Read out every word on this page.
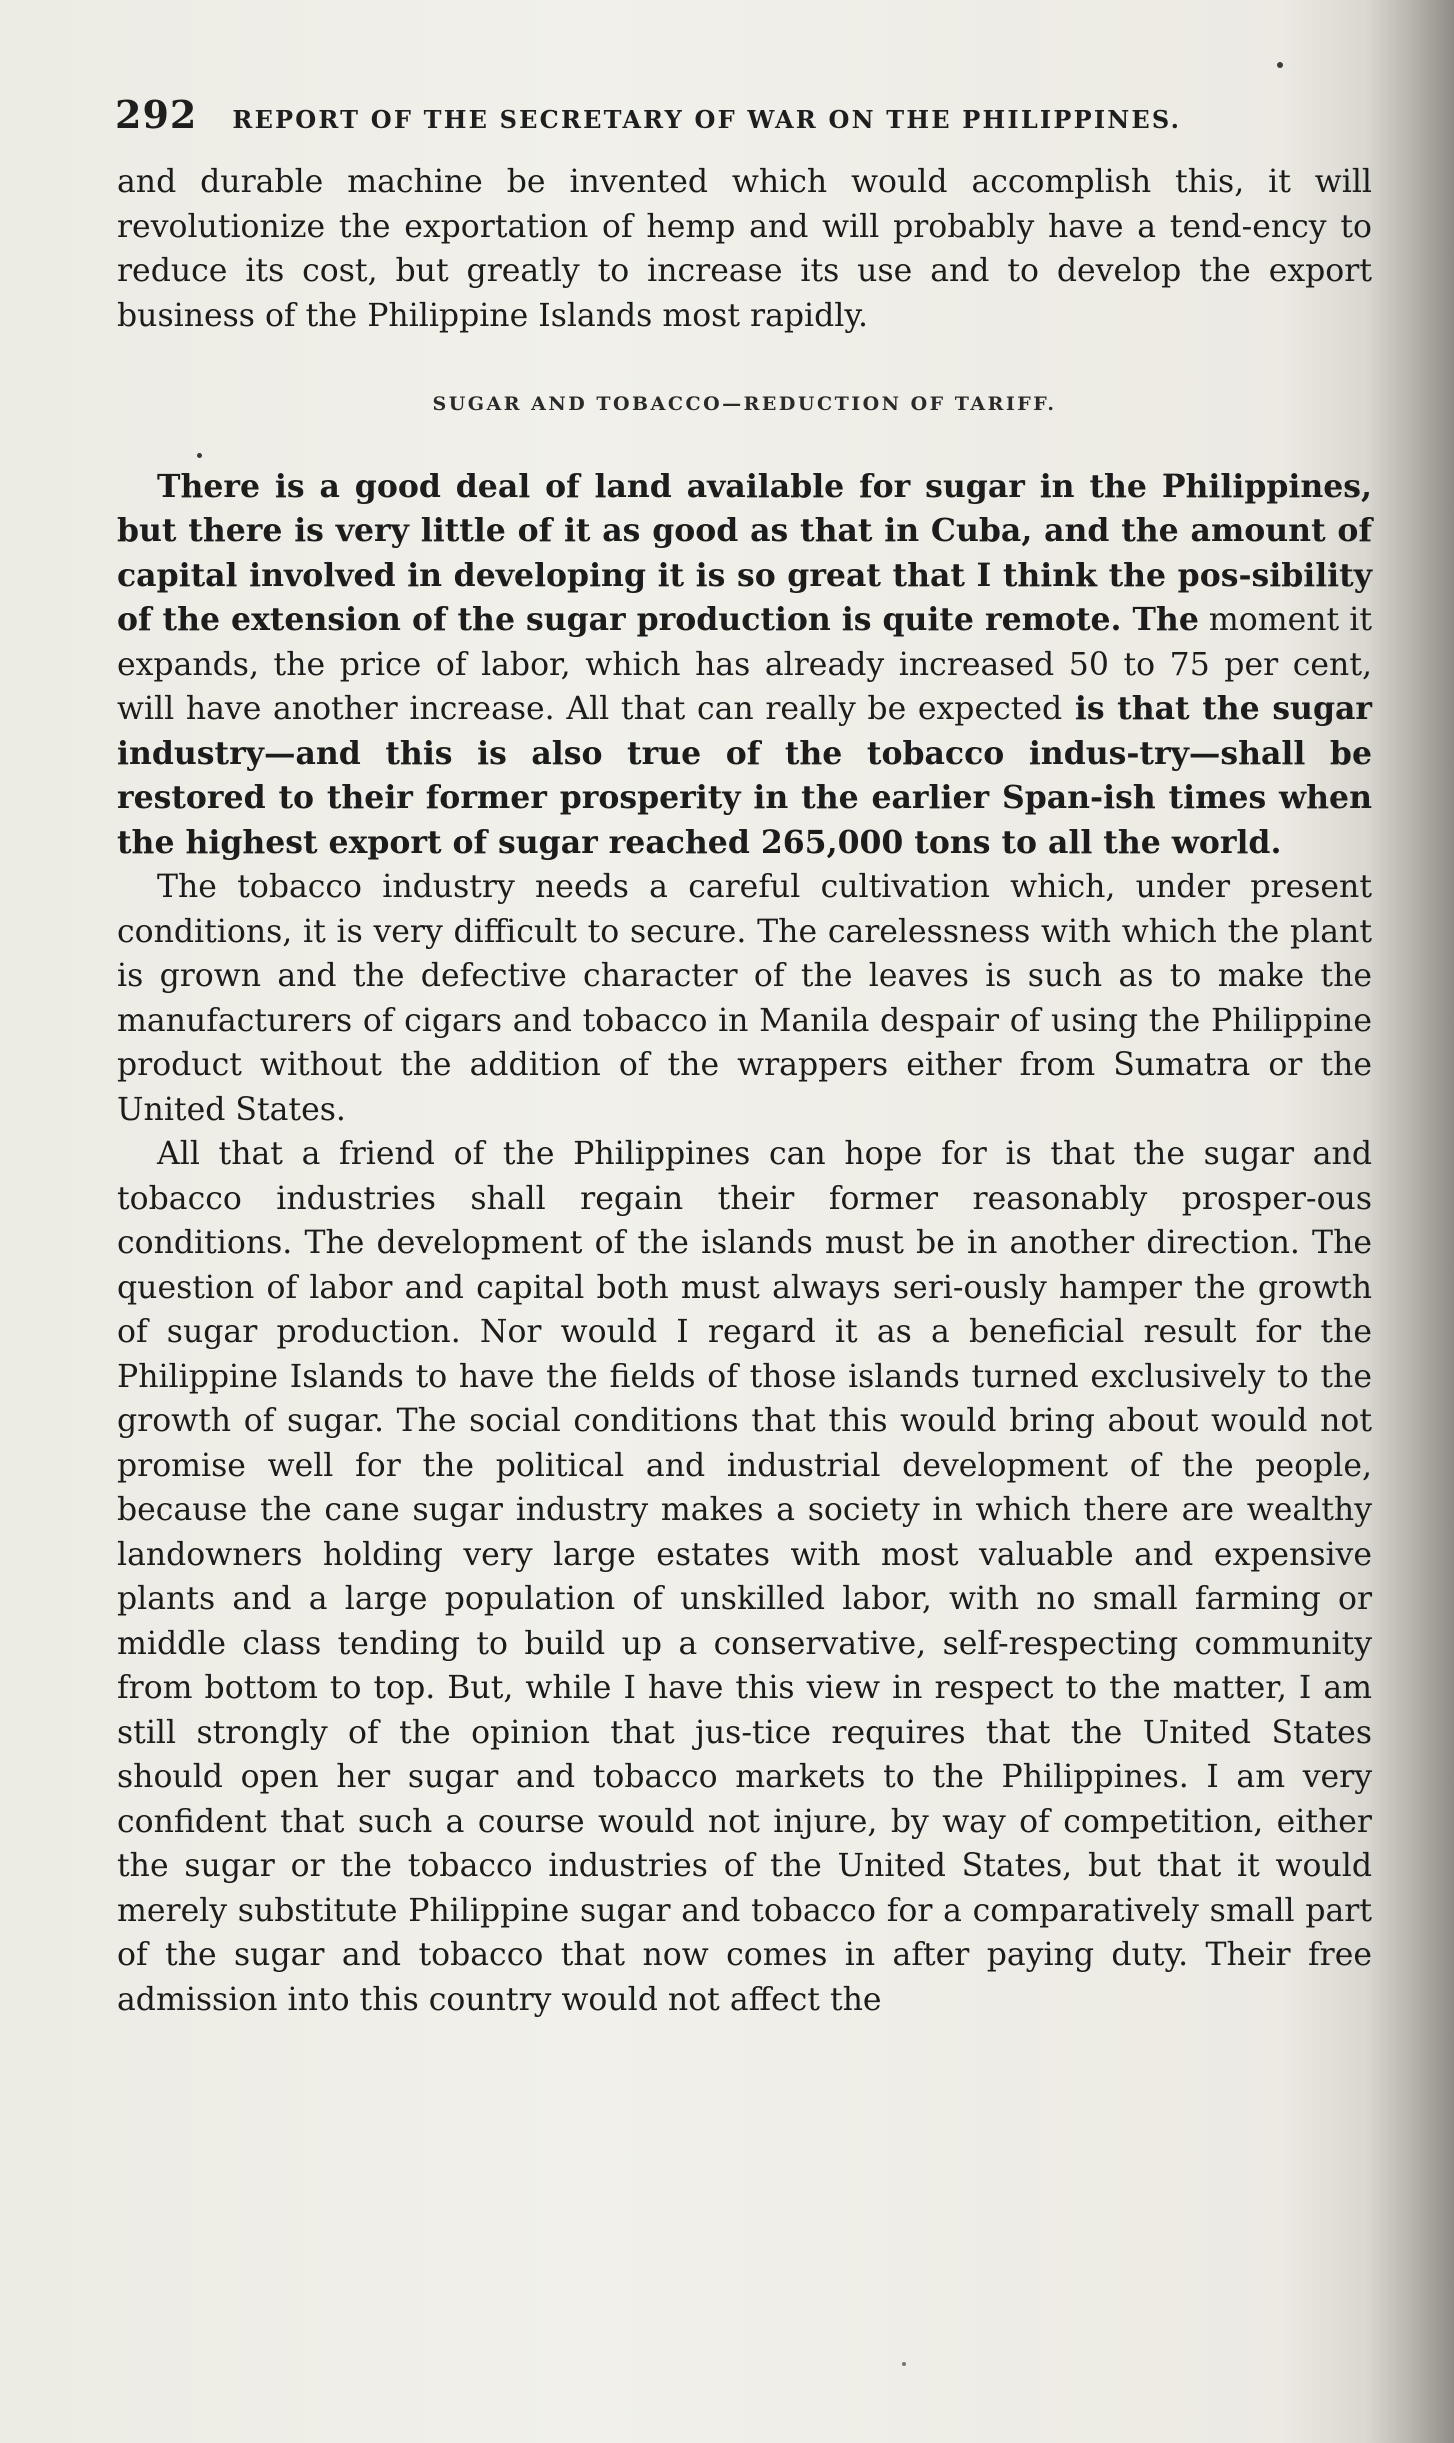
292 REPORT OF THE SECRETARY OF WAR ON THE PHILIPPINES.

and durable machine be invented which would accomplish this, it will revolutionize the exportation of hemp and will probably have a tend-ency to reduce its cost, but greatly to increase its use and to develop the export business of the Philippine Islands most rapidly.

SUGAR AND TOBACCO—REDUCTION OF TARIFF.

There is a good deal of land available for sugar in the Philippines, but there is very little of it as good as that in Cuba, and the amount of capital involved in developing it is so great that I think the pos-sibility of the extension of the sugar production is quite remote. The moment it expands, the price of labor, which has already increased 50 to 75 per cent, will have another increase. All that can really be expected is that the sugar industry—and this is also true of the tobacco indus-try—shall be restored to their former prosperity in the earlier Span-ish times when the highest export of sugar reached 265,000 tons to all the world.

The tobacco industry needs a careful cultivation which, under present conditions, it is very difficult to secure. The carelessness with which the plant is grown and the defective character of the leaves is such as to make the manufacturers of cigars and tobacco in Manila despair of using the Philippine product without the addition of the wrappers either from Sumatra or the United States.

All that a friend of the Philippines can hope for is that the sugar and tobacco industries shall regain their former reasonably prosper-ous conditions. The development of the islands must be in another direction. The question of labor and capital both must always seri-ously hamper the growth of sugar production. Nor would I regard it as a beneficial result for the Philippine Islands to have the fields of those islands turned exclusively to the growth of sugar. The social conditions that this would bring about would not promise well for the political and industrial development of the people, because the cane sugar industry makes a society in which there are wealthy landowners holding very large estates with most valuable and expensive plants and a large population of unskilled labor, with no small farming or middle class tending to build up a conservative, self-respecting community from bottom to top. But, while I have this view in respect to the matter, I am still strongly of the opinion that jus-tice requires that the United States should open her sugar and tobacco markets to the Philippines. I am very confident that such a course would not injure, by way of competition, either the sugar or the tobacco industries of the United States, but that it would merely substitute Philippine sugar and tobacco for a comparatively small part of the sugar and tobacco that now comes in after paying duty. Their free admission into this country would not affect the
